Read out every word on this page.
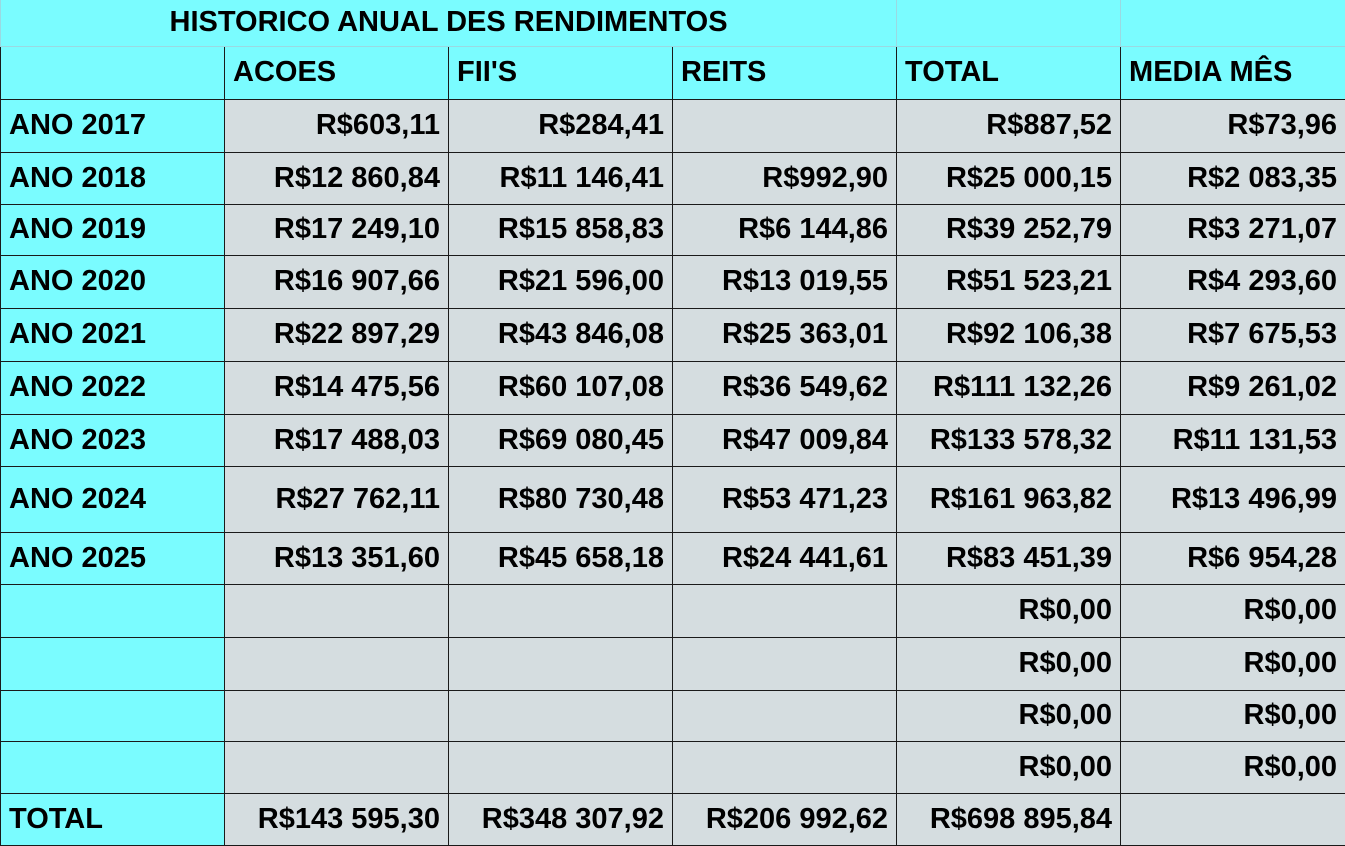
HISTORICO ANUAL DES RENDIMENTOS					
	ACOES	FII'S	REITS	TOTAL	MEDIA MÊS
ANO 2017	R$603,11	R$284,41		R$887,52	R$73,96
ANO 2018	R$12 860,84	R$11 146,41	R$992,90	R$25 000,15	R$2 083,35
ANO 2019	R$17 249,10	R$15 858,83	R$6 144,86	R$39 252,79	R$3 271,07
ANO 2020	R$16 907,66	R$21 596,00	R$13 019,55	R$51 523,21	R$4 293,60
ANO 2021	R$22 897,29	R$43 846,08	R$25 363,01	R$92 106,38	R$7 675,53
ANO 2022	R$14 475,56	R$60 107,08	R$36 549,62	R$111 132,26	R$9 261,02
ANO 2023	R$17 488,03	R$69 080,45	R$47 009,84	R$133 578,32	R$11 131,53
ANO 2024	R$27 762,11	R$80 730,48	R$53 471,23	R$161 963,82	R$13 496,99
ANO 2025	R$13 351,60	R$45 658,18	R$24 441,61	R$83 451,39	R$6 954,28
				R$0,00	R$0,00
				R$0,00	R$0,00
				R$0,00	R$0,00
				R$0,00	R$0,00
TOTAL	R$143 595,30	R$348 307,92	R$206 992,62	R$698 895,84	
